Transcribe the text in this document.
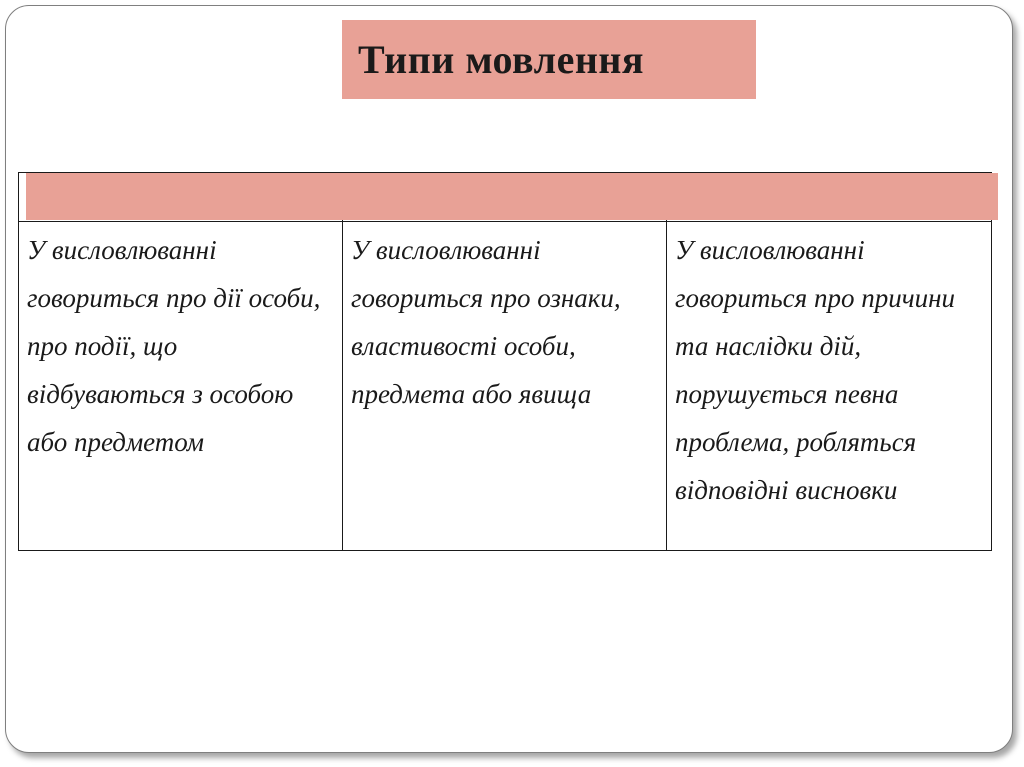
Типи мовлення

У висловлюванні говориться про дії особи, про події, що відбуваються з особою або предметом	У висловлюванні говориться про ознаки, властивості особи, предмета або явища	У висловлюванні говориться про причини та наслідки дій, порушується певна проблема, робляться відповідні висновки
